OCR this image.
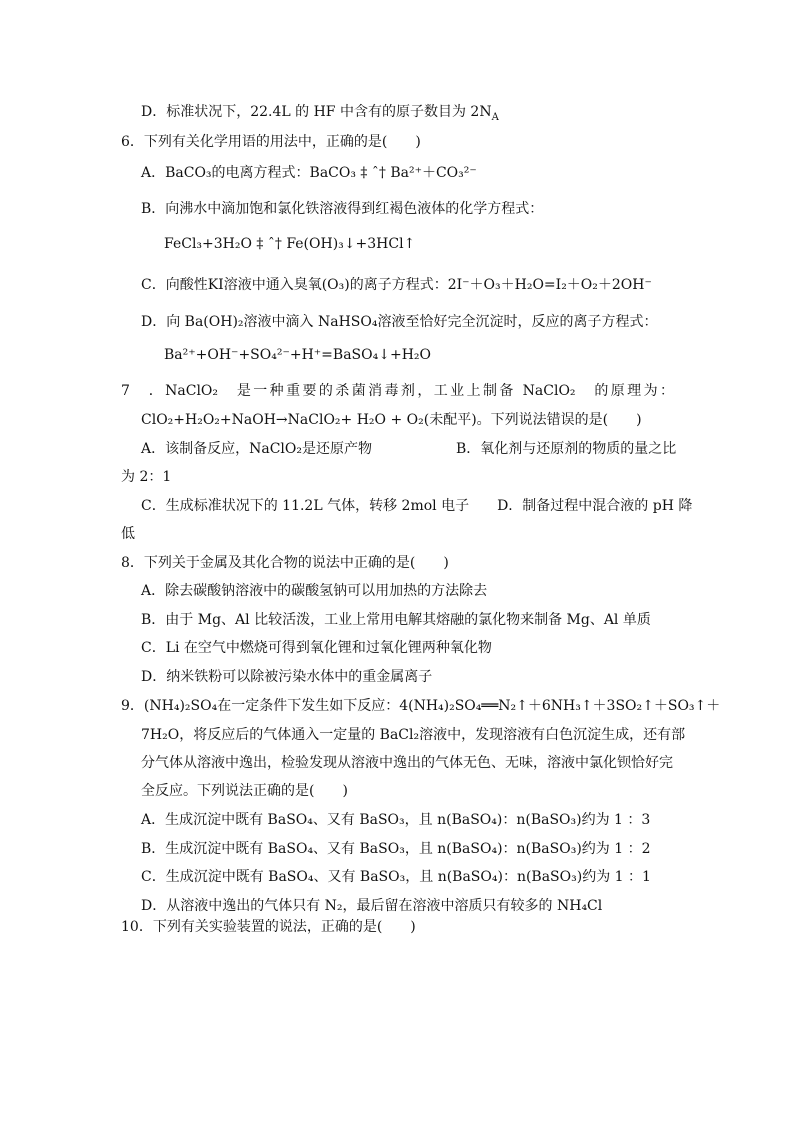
D．标准状况下，22.4L 的 HF 中含有的原子数目为 $2N_A$
6．下列有关化学用语的用法中，正确的是(　　)
A．BaCO₃的电离方程式：BaCO₃ ‡ ˆ† Ba²⁺＋CO₃²⁻
B．向沸水中滴加饱和氯化铁溶液得到红褐色液体的化学方程式：
FeCl₃+3H₂O ‡ ˆ† Fe(OH)₃↓+3HCl↑
C．向酸性KI溶液中通入臭氧(O₃)的离子方程式：2I⁻＋O₃＋H₂O=I₂＋O₂＋2OH⁻
D．向 Ba(OH)₂溶液中滴入 NaHSO₄溶液至恰好完全沉淀时，反应的离子方程式：
Ba²⁺+OH⁻+SO₄²⁻+H⁺=BaSO₄↓+H₂O
7　．NaClO₂　是一种重要的杀菌消毒剂，工业上制备 NaClO₂　的原理为：
ClO₂+H₂O₂+NaOH→NaClO₂+ H₂O + O₂(未配平)。下列说法错误的是(　　)
A．该制备反应，NaClO₂是还原产物　　　　　　B．氧化剂与还原剂的物质的量之比
为 2：1
C．生成标准状况下的 11.2L 气体，转移 2mol 电子　　D．制备过程中混合液的 pH 降
低
8．下列关于金属及其化合物的说法中正确的是(　　)
A．除去碳酸钠溶液中的碳酸氢钠可以用加热的方法除去
B．由于 Mg、Al 比较活泼，工业上常用电解其熔融的氯化物来制备 Mg、Al 单质
C．Li 在空气中燃烧可得到氧化锂和过氧化锂两种氧化物
D．纳米铁粉可以除被污染水体中的重金属离子
9．(NH₄)₂SO₄在一定条件下发生如下反应：4(NH₄)₂SO₄══N₂↑＋6NH₃↑＋3SO₂↑＋SO₃↑＋
7H₂O，将反应后的气体通入一定量的 BaCl₂溶液中，发现溶液有白色沉淀生成，还有部
分气体从溶液中逸出，检验发现从溶液中逸出的气体无色、无味，溶液中氯化钡恰好完
全反应。下列说法正确的是(　　)
A．生成沉淀中既有 BaSO₄、又有 BaSO₃，且 n(BaSO₄)：n(BaSO₃)约为 1 ：3
B．生成沉淀中既有 BaSO₄、又有 BaSO₃，且 n(BaSO₄)：n(BaSO₃)约为 1 ：2
C．生成沉淀中既有 BaSO₄、又有 BaSO₃，且 n(BaSO₄)：n(BaSO₃)约为 1 ：1
D．从溶液中逸出的气体只有 N₂，最后留在溶液中溶质只有较多的 NH₄Cl
10．下列有关实验装置的说法，正确的是(　　)
